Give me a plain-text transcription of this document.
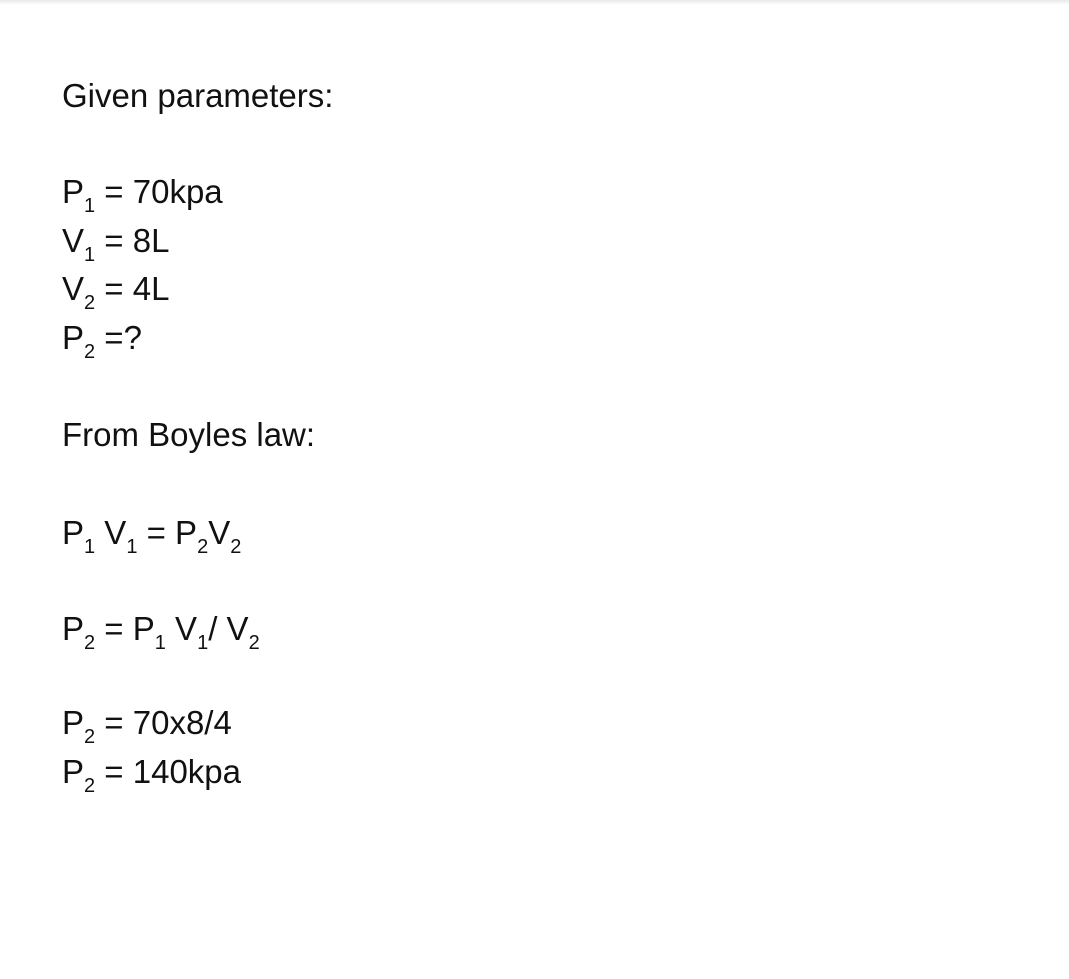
Given parameters:
$P_1 = 70kpa$
$V_1 = 8L$
$V_2 = 4L$
$P_2$ =?
From Boyles law:
$P_1$ $V_1 = P_2V_2$
$P_2 = P_1$ $V_1/$ $V_2$
$P_2 = 70x8/4$
$P_2 = 140kpa$
